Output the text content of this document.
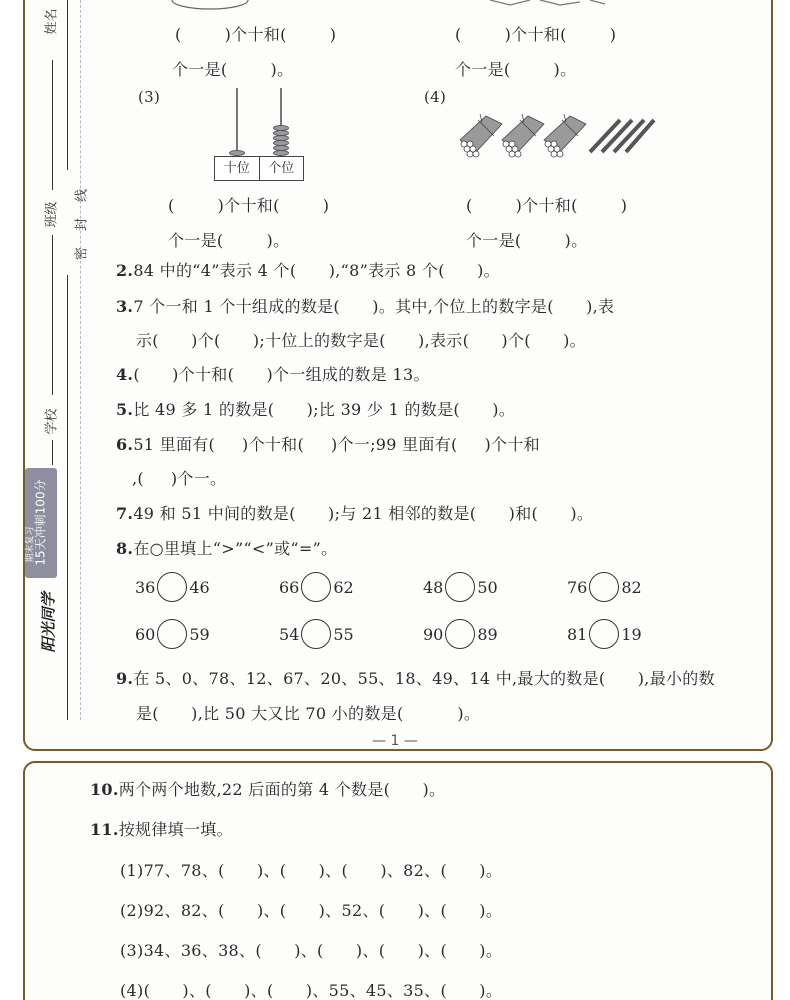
姓名
班级
学校
密 封 线
期末复习
15天冲刺100分
阳光同学
(        )个十和(        )
个一是(        )。
(        )个十和(        )
个一是(        )。
(3)
十位	个位
(        )个十和(        )
个一是(        )。
(4)
(        )个十和(        )
个一是(        )。
2.84 中的“4”表示 4 个(      ),“8”表示 8 个(      )。
3.7 个一和 1 个十组成的数是(      )。其中,个位上的数字是(      ),表
示(      )个(      );十位上的数字是(      ),表示(      )个(      )。
4.(      )个十和(      )个一组成的数是 13。
5.比 49 多 1 的数是(      );比 39 少 1 的数是(      )。
6.51 里面有(     )个十和(     )个一;99 里面有(     )个十和
,(     )个一。
7.49 和 51 中间的数是(      );与 21 相邻的数是(      )和(      )。
8.在○里填上“>”“<”或“=”。
36 46	66 62	48 50	76 82
60 59	54 55	90 89	81 19
9.在 5、0、78、12、67、20、55、18、49、14 中,最大的数是(      ),最小的数
是(      ),比 50 大又比 70 小的数是(          )。
— 1 —
10.两个两个地数,22 后面的第 4 个数是(      )。
11.按规律填一填。
(1)77、78、(      )、(      )、(      )、82、(      )。
(2)92、82、(      )、(      )、52、(      )、(      )。
(3)34、36、38、(      )、(      )、(      )、(      )。
(4)(      )、(      )、(      )、55、45、35、(      )。
